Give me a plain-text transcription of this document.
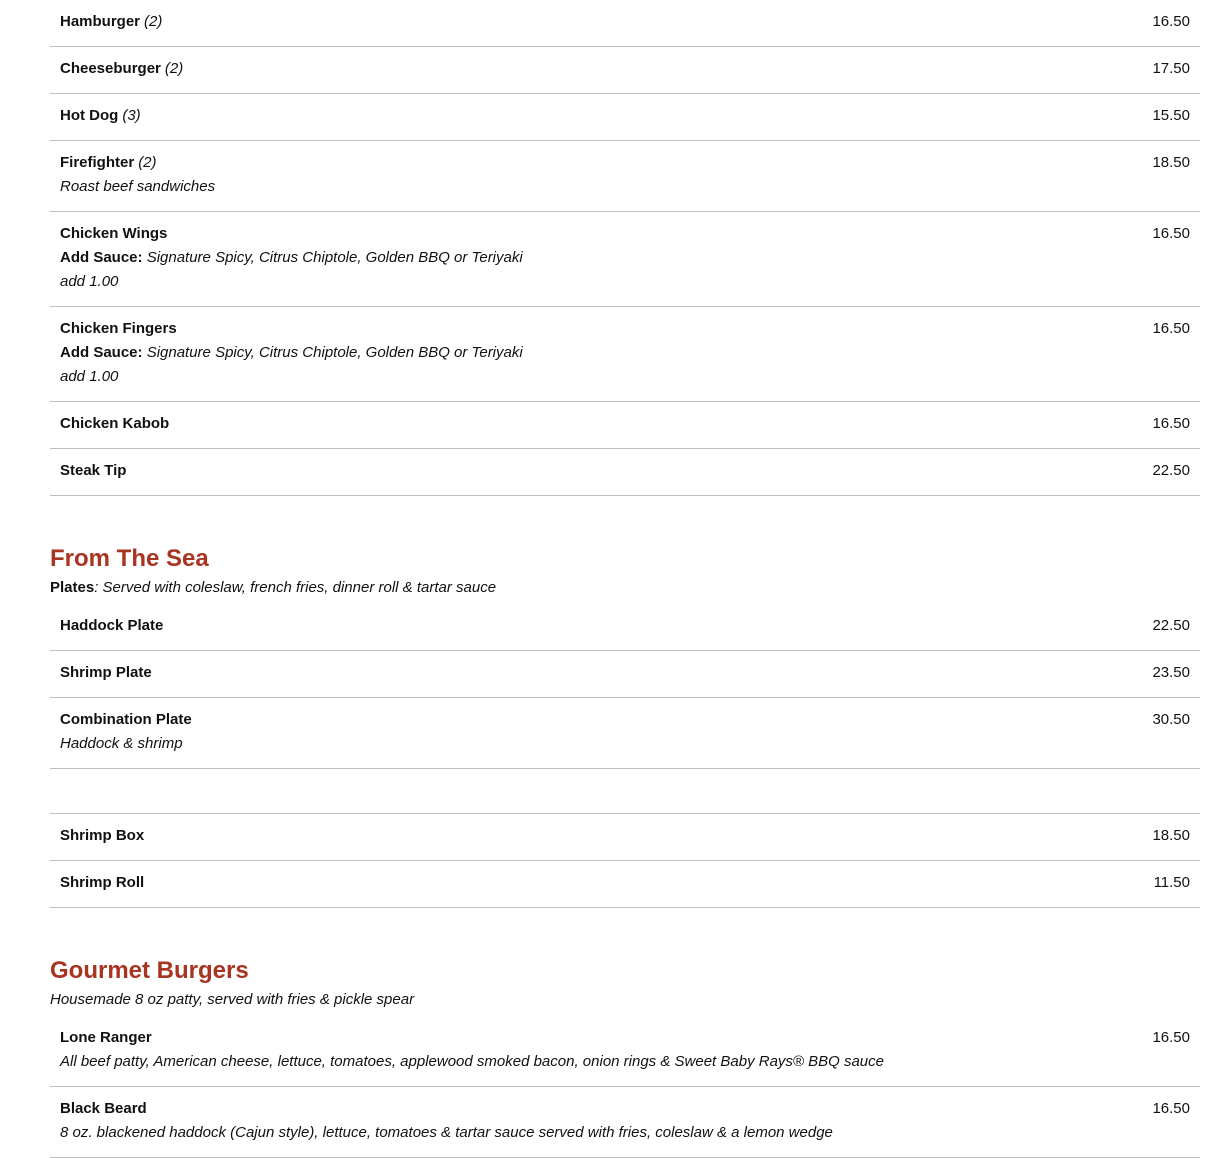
Hamburger (2)	16.50
Cheeseburger (2)	17.50
Hot Dog (3)	15.50
Firefighter (2)	18.50
Roast beef sandwiches
Chicken Wings	16.50
Add Sauce: Signature Spicy, Citrus Chiptole, Golden BBQ or Teriyaki
add 1.00
Chicken Fingers	16.50
Add Sauce: Signature Spicy, Citrus Chiptole, Golden BBQ or Teriyaki
add 1.00
Chicken Kabob	16.50
Steak Tip	22.50
From The Sea
Plates: Served with coleslaw, french fries, dinner roll & tartar sauce
Haddock Plate	22.50
Shrimp Plate	23.50
Combination Plate	30.50
Haddock & shrimp
Shrimp Box	18.50
Shrimp Roll	11.50
Gourmet Burgers
Housemade 8 oz patty, served with fries & pickle spear
Lone Ranger	16.50
All beef patty, American cheese, lettuce, tomatoes, applewood smoked bacon, onion rings & Sweet Baby Rays® BBQ sauce
Black Beard	16.50
8 oz. blackened haddock (Cajun style), lettuce, tomatoes & tartar sauce served with fries, coleslaw & a lemon wedge
